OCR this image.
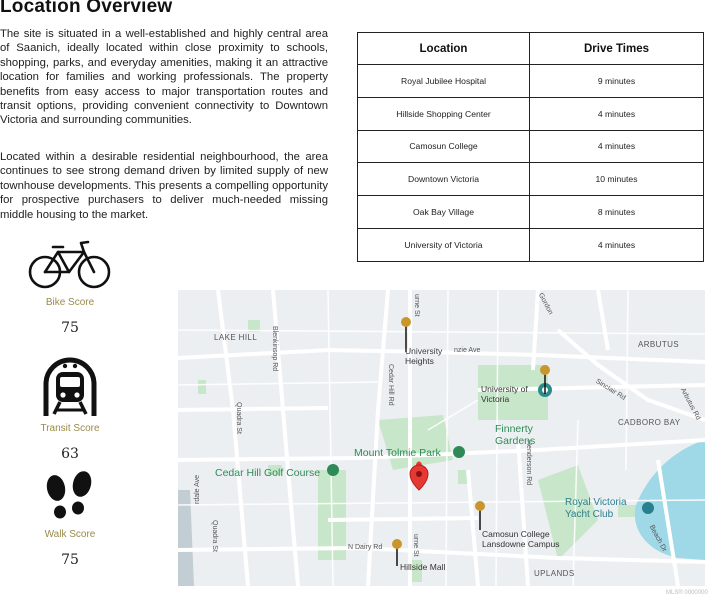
Location Overview

The site is situated in a well-established and highly central area of Saanich, ideally located within close proximity to schools, shopping, parks, and everyday amenities, making it an attractive location for families and working professionals. The property benefits from easy access to major transportation routes and transit options, providing convenient connectivity to Downtown Victoria and surrounding communities.

Located within a desirable residential neighbourhood, the area continues to see strong demand driven by limited supply of new townhouse developments. This presents a compelling opportunity for prospective purchasers to deliver much-needed missing middle housing to the market.

Location	Drive Times
Royal Jubilee Hospital	9 minutes
Hillside Shopping Center	4 minutes
Camosun College	4 minutes
Downtown Victoria	10 minutes
Oak Bay Village	8 minutes
University of Victoria	4 minutes
Bike Score
75
Transit Score
63
Walk Score
75
LAKE HILL
ARBUTUS
CADBORO BAY
UPLANDS
nzie Ave
Blenkinsop Rd
Cedar Hill Rd
Quadra St
Quadra St
Sinclair Rd	Arbutus Rd
Henderson Rd
N Dairy Rd
urne St
urne St
Gordon
Beach Dr
rdale Ave
University
Heights
University of
Victoria
Finnerty
Gardens
Mount Tolmie Park
Cedar Hill Golf Course
Camosun College
Lansdowne Campus
Hillside Mall
Royal Victoria
Yacht Club
MLS® 0000000
